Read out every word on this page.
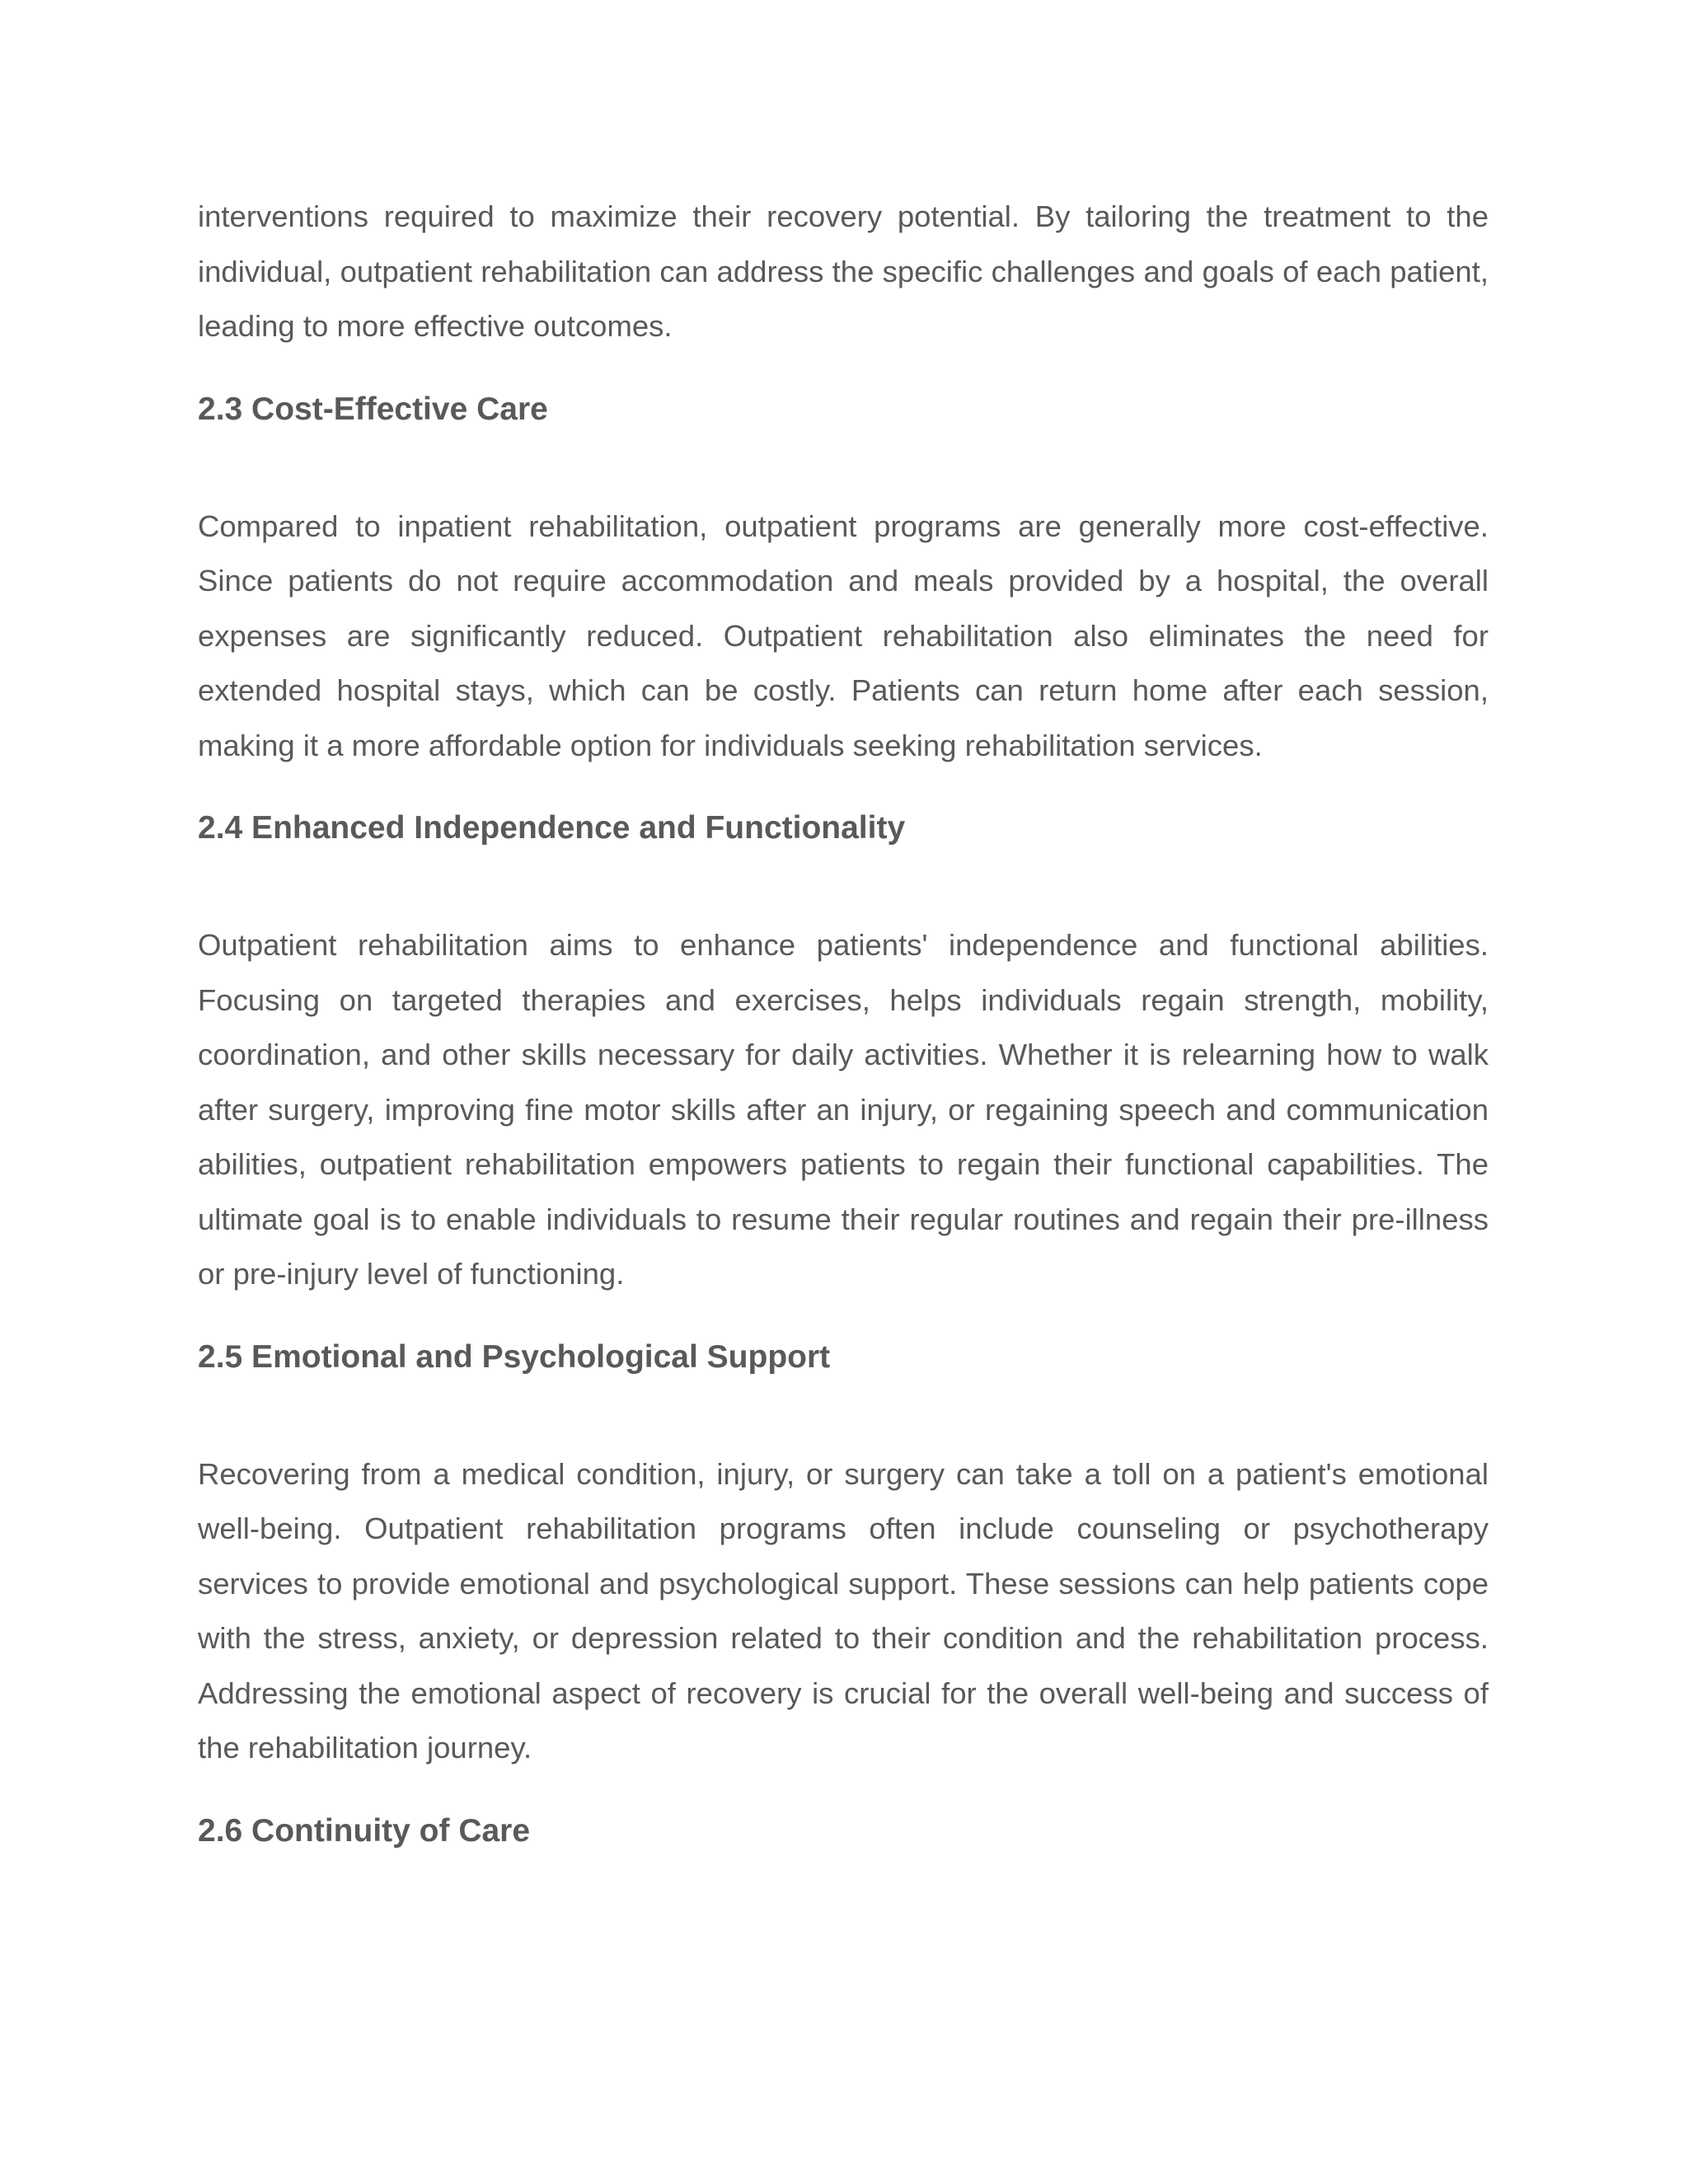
interventions required to maximize their recovery potential. By tailoring the treatment to the individual, outpatient rehabilitation can address the specific challenges and goals of each patient, leading to more effective outcomes.

2.3 Cost-Effective Care

Compared to inpatient rehabilitation, outpatient programs are generally more cost-effective. Since patients do not require accommodation and meals provided by a hospital, the overall expenses are significantly reduced. Outpatient rehabilitation also eliminates the need for extended hospital stays, which can be costly. Patients can return home after each session, making it a more affordable option for individuals seeking rehabilitation services.

2.4 Enhanced Independence and Functionality

Outpatient rehabilitation aims to enhance patients' independence and functional abilities. Focusing on targeted therapies and exercises, helps individuals regain strength, mobility, coordination, and other skills necessary for daily activities. Whether it is relearning how to walk after surgery, improving fine motor skills after an injury, or regaining speech and communication abilities, outpatient rehabilitation empowers patients to regain their functional capabilities. The ultimate goal is to enable individuals to resume their regular routines and regain their pre-illness or pre-injury level of functioning.

2.5 Emotional and Psychological Support

Recovering from a medical condition, injury, or surgery can take a toll on a patient's emotional well-being. Outpatient rehabilitation programs often include counseling or psychotherapy services to provide emotional and psychological support. These sessions can help patients cope with the stress, anxiety, or depression related to their condition and the rehabilitation process. Addressing the emotional aspect of recovery is crucial for the overall well-being and success of the rehabilitation journey.

2.6 Continuity of Care
